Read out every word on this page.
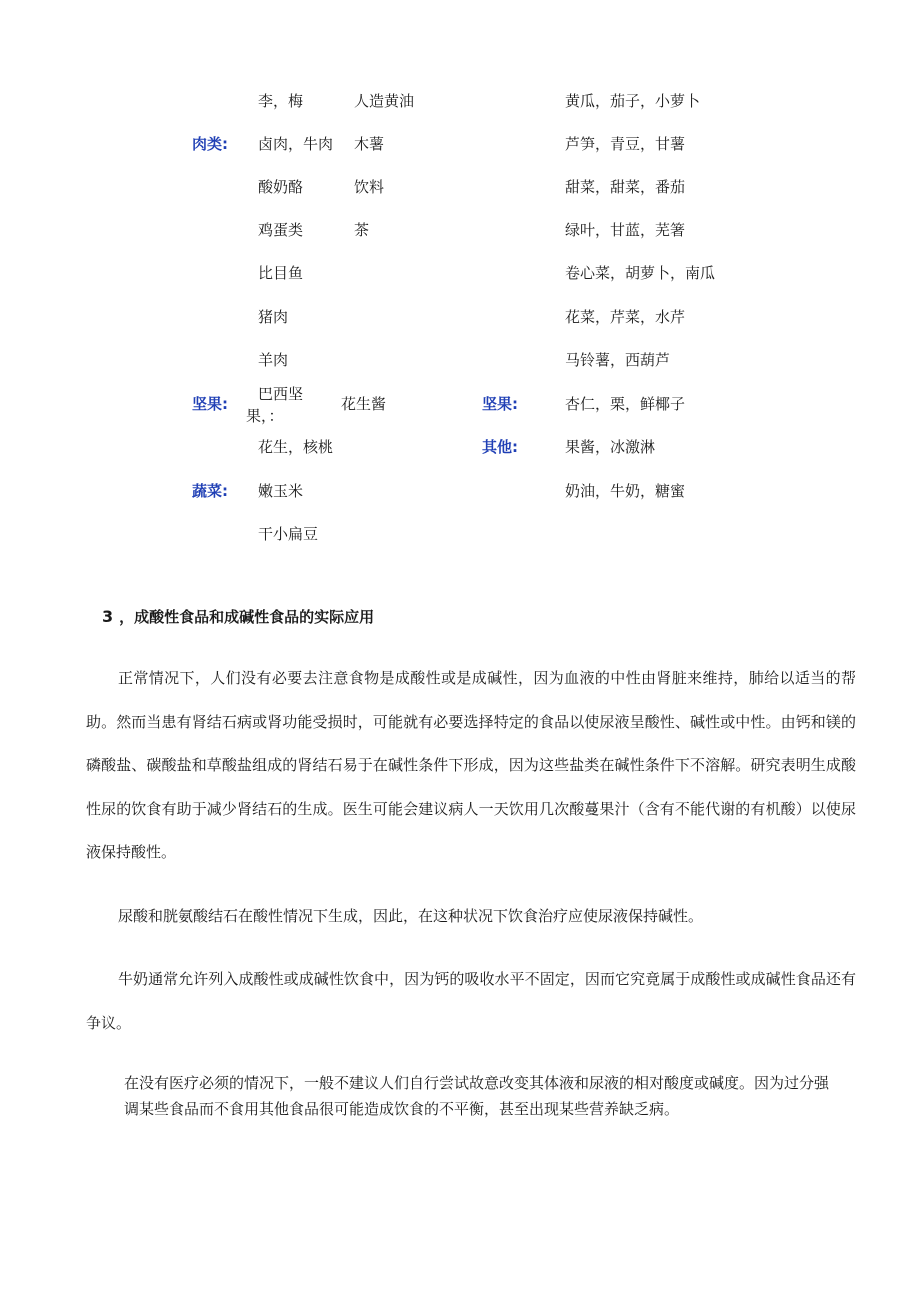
肉类:
坚果:
蔬菜:
坚果:
其他:
李，梅
卤肉，牛肉
酸奶酪
鸡蛋类
比目鱼
猪肉
羊肉
巴西坚
果，：
花生，核桃
嫩玉米
干小扁豆
人造黄油
木薯
饮料
茶
花生酱
黄瓜，茄子，小萝卜
芦笋，青豆，甘薯
甜菜，甜菜，番茄
绿叶，甘蓝，芜箸
卷心菜，胡萝卜，南瓜
花菜，芹菜，水芹
马铃薯，西葫芦
杏仁，栗，鲜椰子
果酱，冰激淋
奶油，牛奶，糖蜜
3 ，成酸性食品和成碱性食品的实际应用

正常情况下，人们没有必要去注意食物是成酸性或是成碱性，因为血液的中性由肾脏来维持，肺给以适当的帮助。然而当患有肾结石病或肾功能受损时，可能就有必要选择特定的食品以使尿液呈酸性、碱性或中性。由钙和镁的磷酸盐、碳酸盐和草酸盐组成的肾结石易于在碱性条件下形成，因为这些盐类在碱性条件下不溶解。研究表明生成酸性尿的饮食有助于减少肾结石的生成。医生可能会建议病人一天饮用几次酸蔓果汁（含有不能代谢的有机酸）以使尿液保持酸性。

尿酸和胱氨酸结石在酸性情况下生成，因此，在这种状况下饮食治疗应使尿液保持碱性。

牛奶通常允许列入成酸性或成碱性饮食中，因为钙的吸收水平不固定，因而它究竟属于成酸性或成碱性食品还有争议。

在没有医疗必须的情况下，一般不建议人们自行尝试故意改变其体液和尿液的相对酸度或碱度。因为过分强调某些食品而不食用其他食品很可能造成饮食的不平衡，甚至出现某些营养缺乏病。
